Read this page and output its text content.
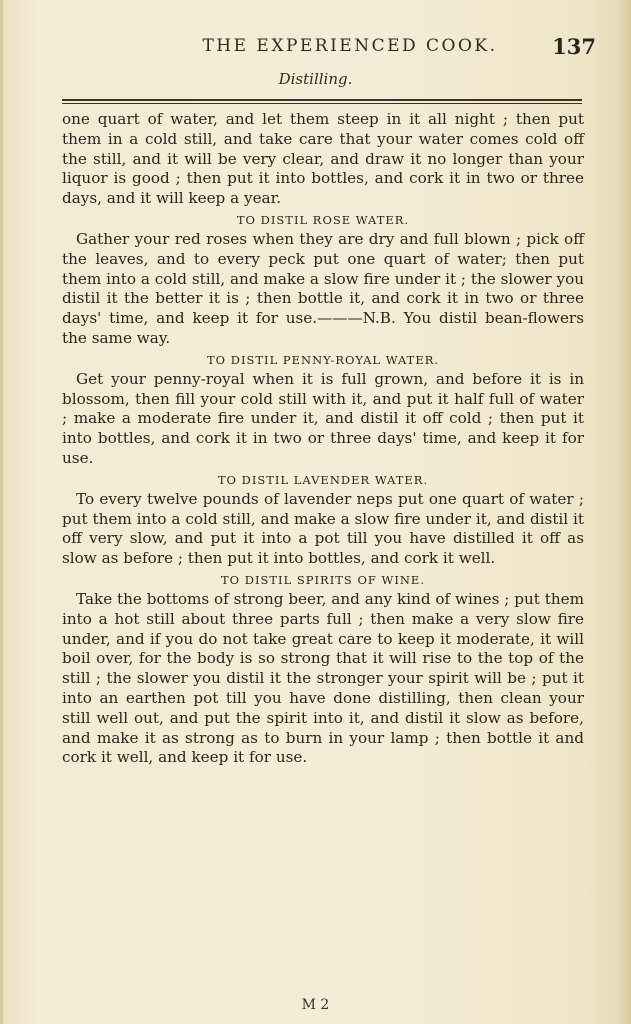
THE EXPERIENCED COOK.	137
Distilling.

one quart of water, and let them steep in it all night ; then put them in a cold still, and take care that your water comes cold off the still, and it will be very clear, and draw it no longer than your liquor is good ; then put it into bottles, and cork it in two or three days, and it will keep a year.

TO DISTIL ROSE WATER.

Gather your red roses when they are dry and full blown ; pick off the leaves, and to every peck put one quart of water; then put them into a cold still, and make a slow fire under it ; the slower you distil it the better it is ; then bottle it, and cork it in two or three days' time, and keep it for use.———N.B. You distil bean-flowers the same way.

TO DISTIL PENNY-ROYAL WATER.

Get your penny-royal when it is full grown, and before it is in blossom, then fill your cold still with it, and put it half full of water ; make a moderate fire under it, and distil it off cold ; then put it into bottles, and cork it in two or three days' time, and keep it for use.

TO DISTIL LAVENDER WATER.

To every twelve pounds of lavender neps put one quart of water ; put them into a cold still, and make a slow fire under it, and distil it off very slow, and put it into a pot till you have distilled it off as slow as before ; then put it into bottles, and cork it well.

TO DISTIL SPIRITS OF WINE.

Take the bottoms of strong beer, and any kind of wines ; put them into a hot still about three parts full ; then make a very slow fire under, and if you do not take great care to keep it moderate, it will boil over, for the body is so strong that it will rise to the top of the still ; the slower you distil it the stronger your spirit will be ; put it into an earthen pot till you have done distilling, then clean your still well out, and put the spirit into it, and distil it slow as before, and make it as strong as to burn in your lamp ; then bottle it and cork it well, and keep it for use.

M 2
